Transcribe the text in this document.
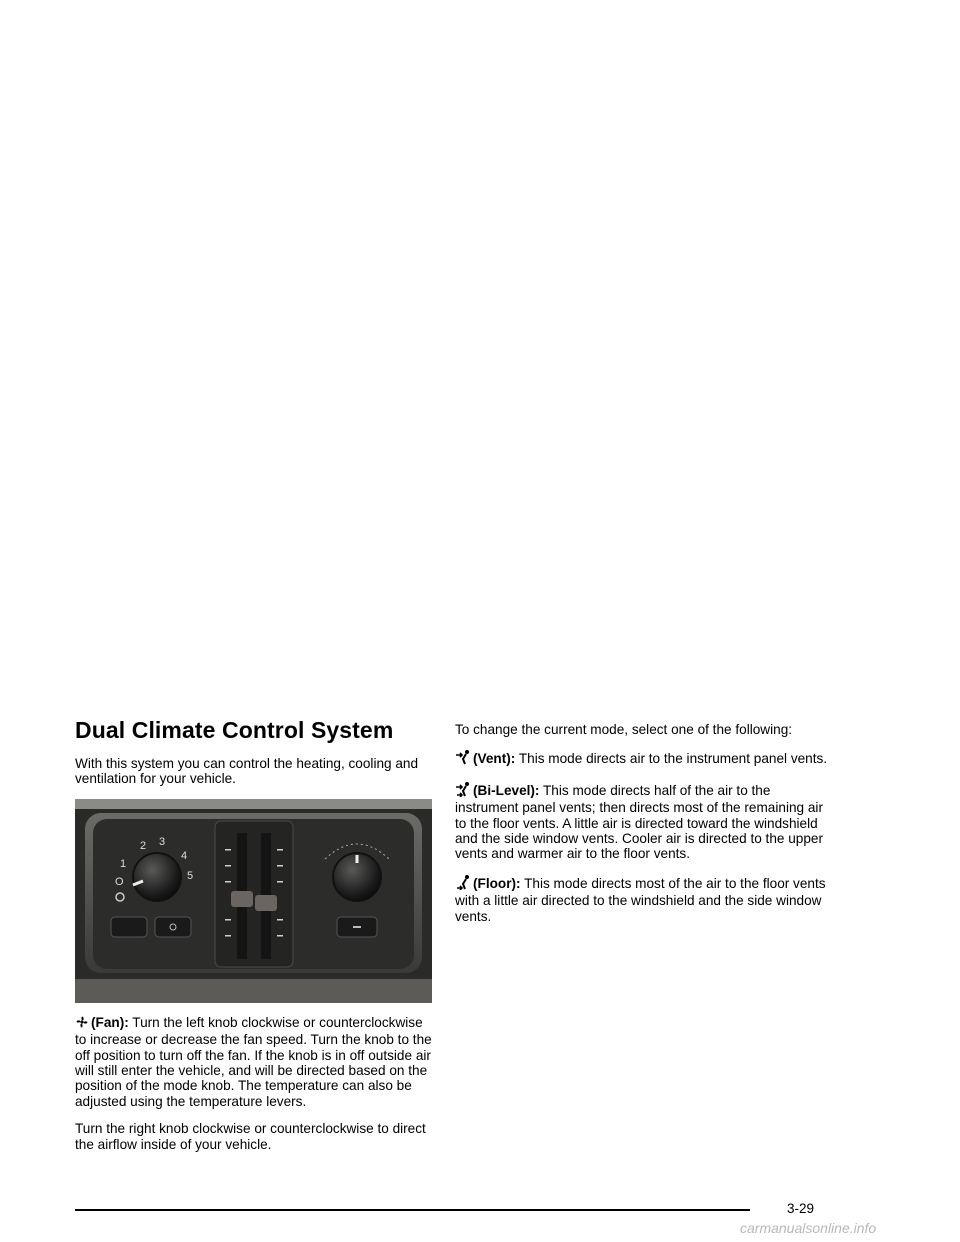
Dual Climate Control System

With this system you can control the heating, cooling and ventilation for your vehicle.

1
2 3
4
5
O

(Fan): Turn the left knob clockwise or counterclockwise to increase or decrease the fan speed. Turn the knob to the off position to turn off the fan. If the knob is in off outside air will still enter the vehicle, and will be directed based on the position of the mode knob. The temperature can also be adjusted using the temperature levers.

Turn the right knob clockwise or counterclockwise to direct the airflow inside of your vehicle.

To change the current mode, select one of the following:

(Vent): This mode directs air to the instrument panel vents.

(Bi-Level): This mode directs half of the air to the instrument panel vents; then directs most of the remaining air to the floor vents. A little air is directed toward the windshield and the side window vents. Cooler air is directed to the upper vents and warmer air to the floor vents.

(Floor): This mode directs most of the air to the floor vents with a little air directed to the windshield and the side window vents.

3-29
carmanualsonline.info
